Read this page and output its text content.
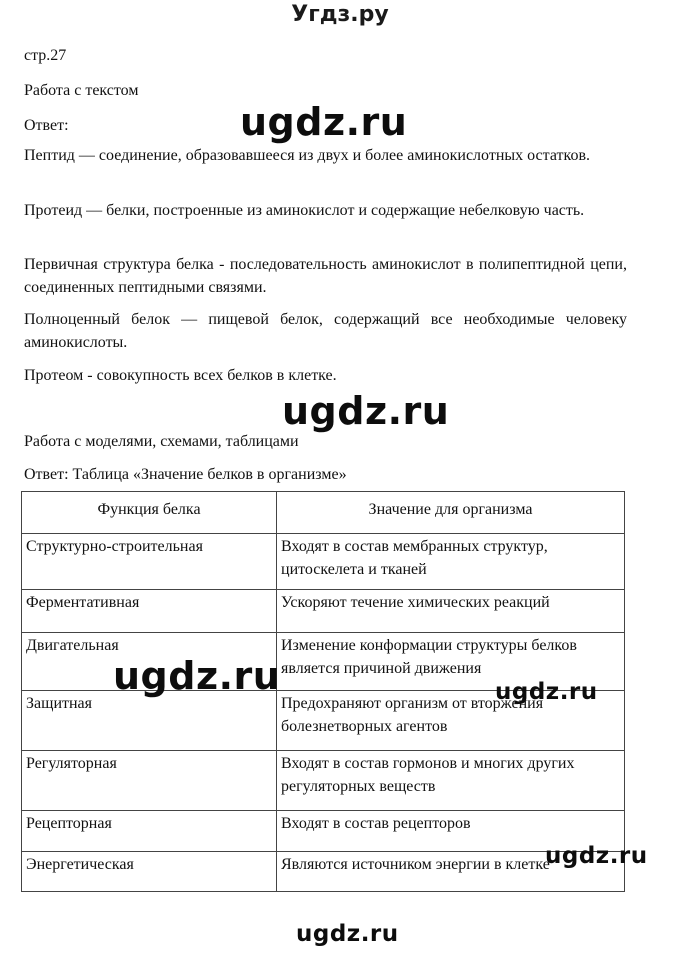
Угдз.ру
стр.27
Работа с текстом
Ответ:
Пептид — соединение, образовавшееся из двух и более аминокислотных остатков.
Протеид — белки, построенные из аминокислот и содержащие небелковую часть.
Первичная структура белка - последовательность аминокислот в полипептидной цепи, соединенных пептидными связями.
Полноценный белок — пищевой белок, содержащий все необходимые человеку аминокислоты.
Протеом - совокупность всех белков в клетке.
Работа с моделями, схемами, таблицами
Ответ: Таблица «Значение белков в организме»
Функция белка	Значение для организма
Структурно-строительная	Входят в состав мембранных структур, цитоскелета и тканей
Ферментативная	Ускоряют течение химических реакций
Двигательная	Изменение конформации структуры белков является причиной движения
Защитная	Предохраняют организм от вторжения болезнетворных агентов
Регуляторная	Входят в состав гормонов и многих других регуляторных веществ
Рецепторная	Входят в состав рецепторов
Энергетическая	Являются источником энергии в клетке
ugdz.ru
ugdz.ru
ugdz.ru	ugdz.ru
ugdz.ru
ugdz.ru
